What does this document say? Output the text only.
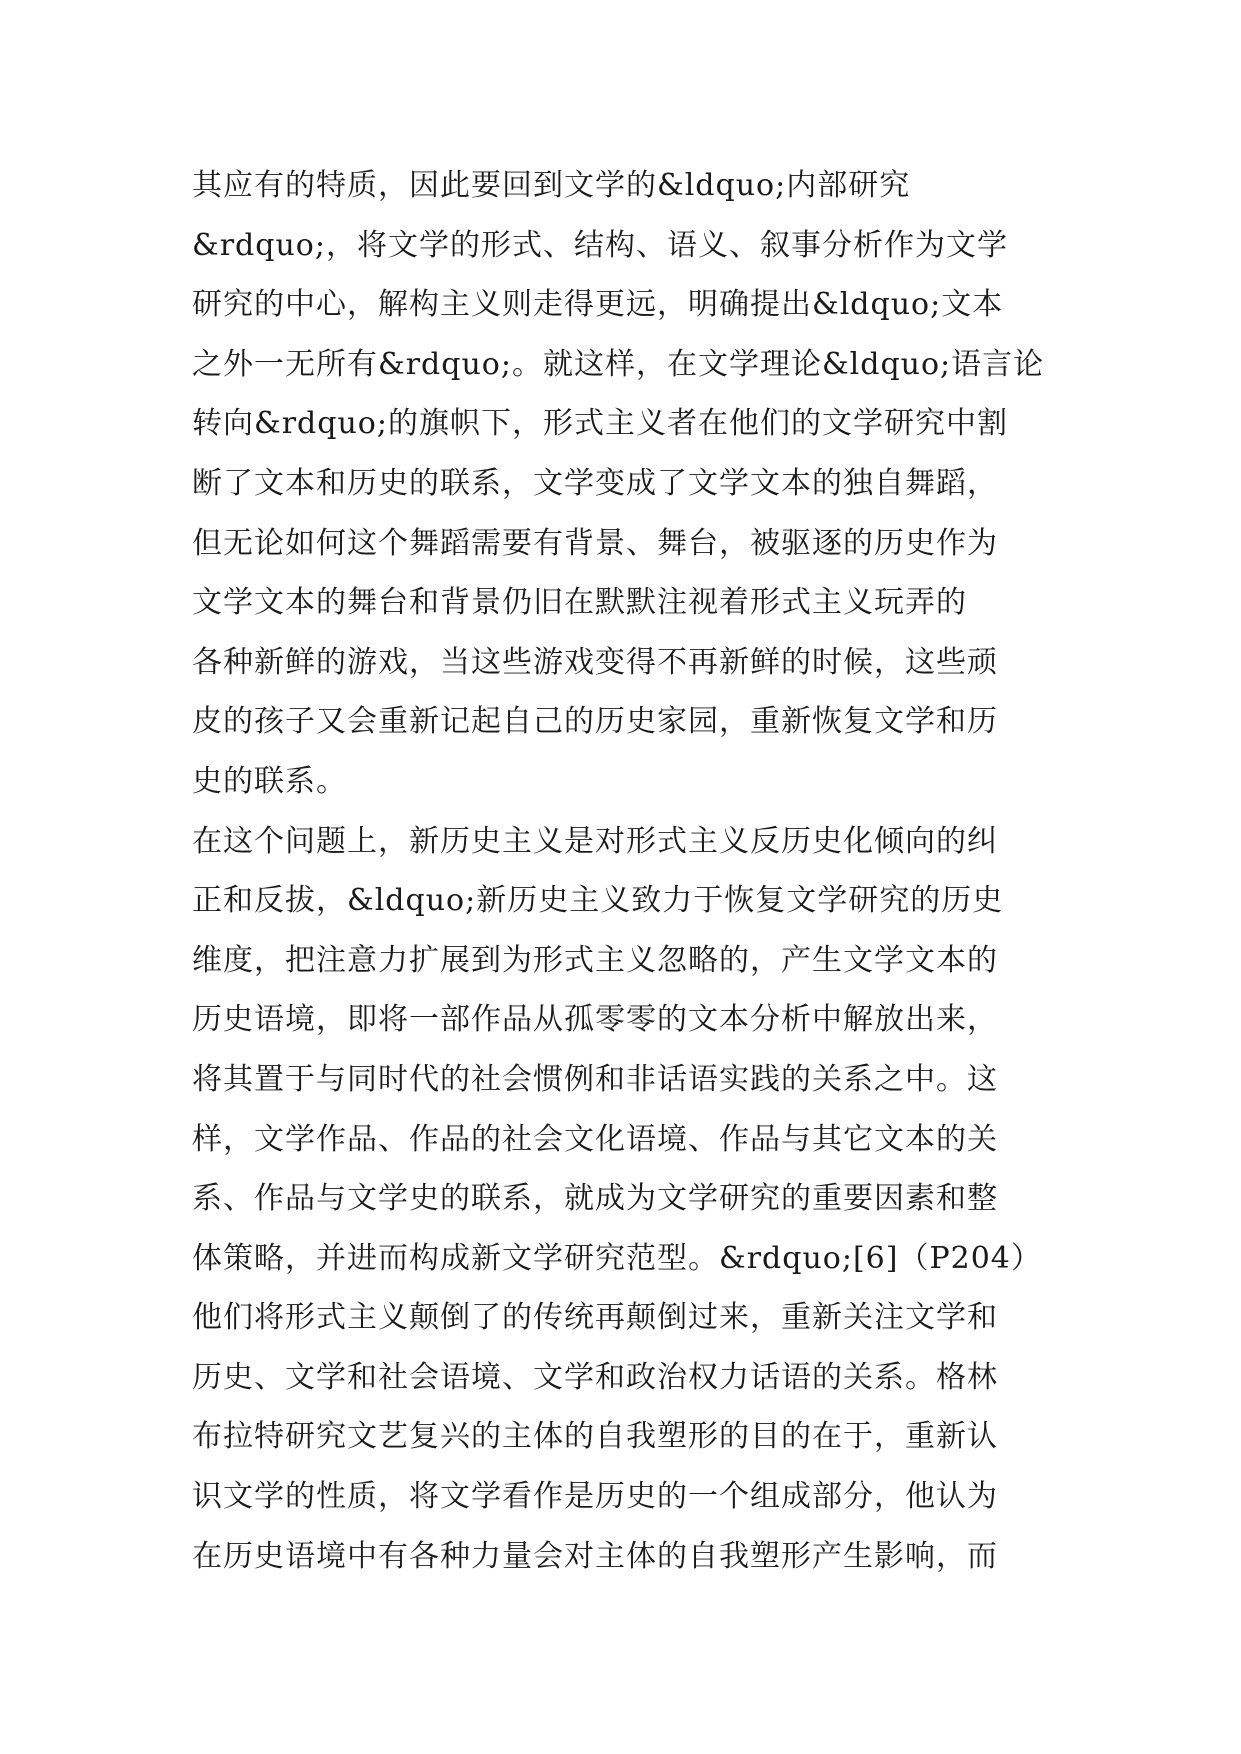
其应有的特质，因此要回到文学的&ldquo;内部研究
&rdquo;，将文学的形式、结构、语义、叙事分析作为文学
研究的中心，解构主义则走得更远，明确提出&ldquo;文本
之外一无所有&rdquo;。就这样，在文学理论&ldquo;语言论
转向&rdquo;的旗帜下，形式主义者在他们的文学研究中割
断了文本和历史的联系，文学变成了文学文本的独自舞蹈，
但无论如何这个舞蹈需要有背景、舞台，被驱逐的历史作为
文学文本的舞台和背景仍旧在默默注视着形式主义玩弄的
各种新鲜的游戏，当这些游戏变得不再新鲜的时候，这些顽
皮的孩子又会重新记起自己的历史家园，重新恢复文学和历
史的联系。
在这个问题上，新历史主义是对形式主义反历史化倾向的纠
正和反拔，&ldquo;新历史主义致力于恢复文学研究的历史
维度，把注意力扩展到为形式主义忽略的，产生文学文本的
历史语境，即将一部作品从孤零零的文本分析中解放出来，
将其置于与同时代的社会惯例和非话语实践的关系之中。这
样，文学作品、作品的社会文化语境、作品与其它文本的关
系、作品与文学史的联系，就成为文学研究的重要因素和整
体策略，并进而构成新文学研究范型。&rdquo;[6]（P204）
他们将形式主义颠倒了的传统再颠倒过来，重新关注文学和
历史、文学和社会语境、文学和政治权力话语的关系。格林
布拉特研究文艺复兴的主体的自我塑形的目的在于，重新认
识文学的性质，将文学看作是历史的一个组成部分，他认为
在历史语境中有各种力量会对主体的自我塑形产生影响，而
